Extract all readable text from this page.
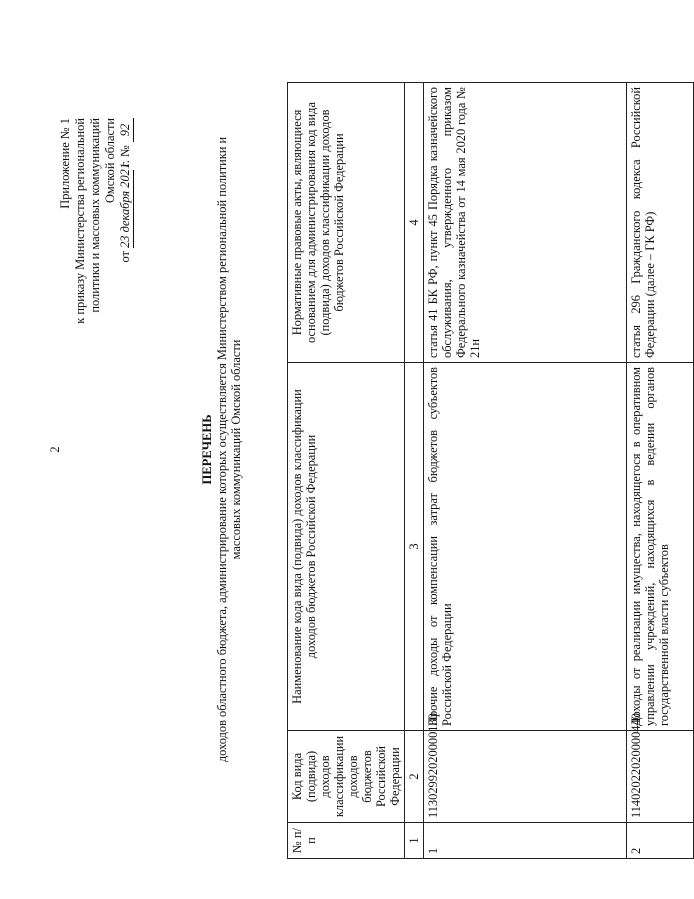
2
Приложение № 1 к приказу Министерства региональной политики и массовых коммуникаций Омской области
от 23 декабря 2021 г. № 92
ПЕРЕЧЕНЬ доходов областного бюджета, администрирование которых осуществляется Министерством региональной политики и массовых коммуникаций Омской области
№ п/п	Код вида (подвида) доходов классификации доходов бюджетов Российской Федерации	Наименование кода вида (подвида) доходов классификации доходов бюджетов Российской Федерации	Нормативные правовые акты, являющиеся основанием для администрирования код вида (подвида) доходов классификации доходов бюджетов Российской Федерации
1	2	3	4
1	11302992020000130	Прочие доходы от компенсации затрат бюджетов субъектов Российской Федерации	статья 41 БК РФ, пункт 45 Порядка казначейского обслуживания, утвержденного приказом Федерального казначейства от 14 мая 2020 года № 21н
2	11402022020000440	Доходы от реализации имущества, находящегося в оперативном управлении учреждений, находящихся в ведении органов государственной власти субъектов	статья 296 Гражданского кодекса Российской Федерации (далее – ГК РФ)
